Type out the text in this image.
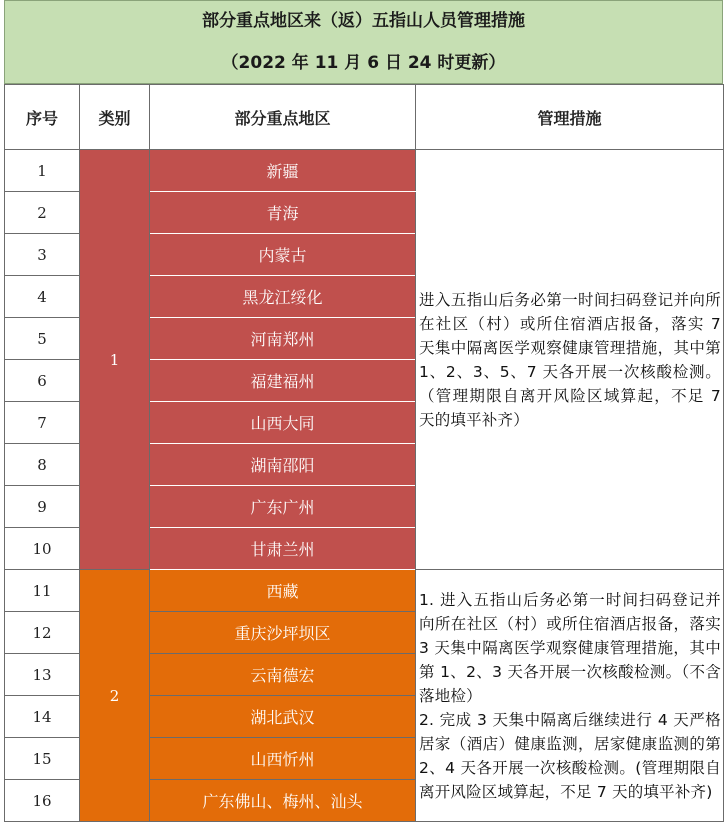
部分重点地区来（返）五指山人员管理措施
（2022 年 11 月 6 日 24 时更新）
序号	类别	部分重点地区	管理措施
1	1	新疆	进入五指山后务必第一时间扫码登记并向所在社区（村）或所住宿酒店报备，落实 7 天集中隔离医学观察健康管理措施，其中第 1、2、3、5、7 天各开展一次核酸检测。（管理期限自离开风险区域算起，不足 7 天的填平补齐）
2		青海	
3		内蒙古	
4		黑龙江绥化	
5		河南郑州	
6		福建福州	
7		山西大同	
8		湖南邵阳	
9		广东广州	
10		甘肃兰州	
11	2	西藏	1. 进入五指山后务必第一时间扫码登记并向所在社区（村）或所住宿酒店报备，落实 3 天集中隔离医学观察健康管理措施，其中第 1、2、3 天各开展一次核酸检测。（不含落地检）
2. 完成 3 天集中隔离后继续进行 4 天严格居家（酒店）健康监测，居家健康监测的第 2、4 天各开展一次核酸检测。(管理期限自离开风险区域算起，不足 7 天的填平补齐)

12		重庆沙坪坝区	
13		云南德宏	
14		湖北武汉	
15		山西忻州	
16		广东佛山、梅州、汕头	
